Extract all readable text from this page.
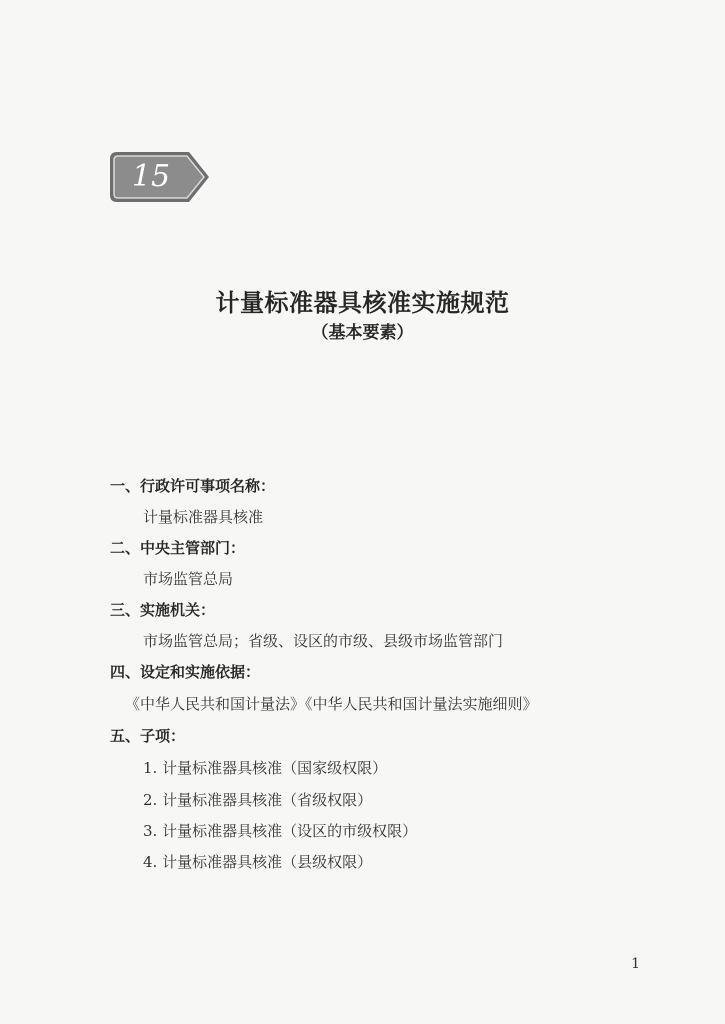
15
计量标准器具核准实施规范
（基本要素）
一、行政许可事项名称：
计量标准器具核准
二、中央主管部门：
市场监管总局
三、实施机关：
市场监管总局；省级、设区的市级、县级市场监管部门
四、设定和实施依据：
《中华人民共和国计量法》《中华人民共和国计量法实施细则》
五、子项：
1. 计量标准器具核准（国家级权限）
2. 计量标准器具核准（省级权限）
3. 计量标准器具核准（设区的市级权限）
4. 计量标准器具核准（县级权限）
1
